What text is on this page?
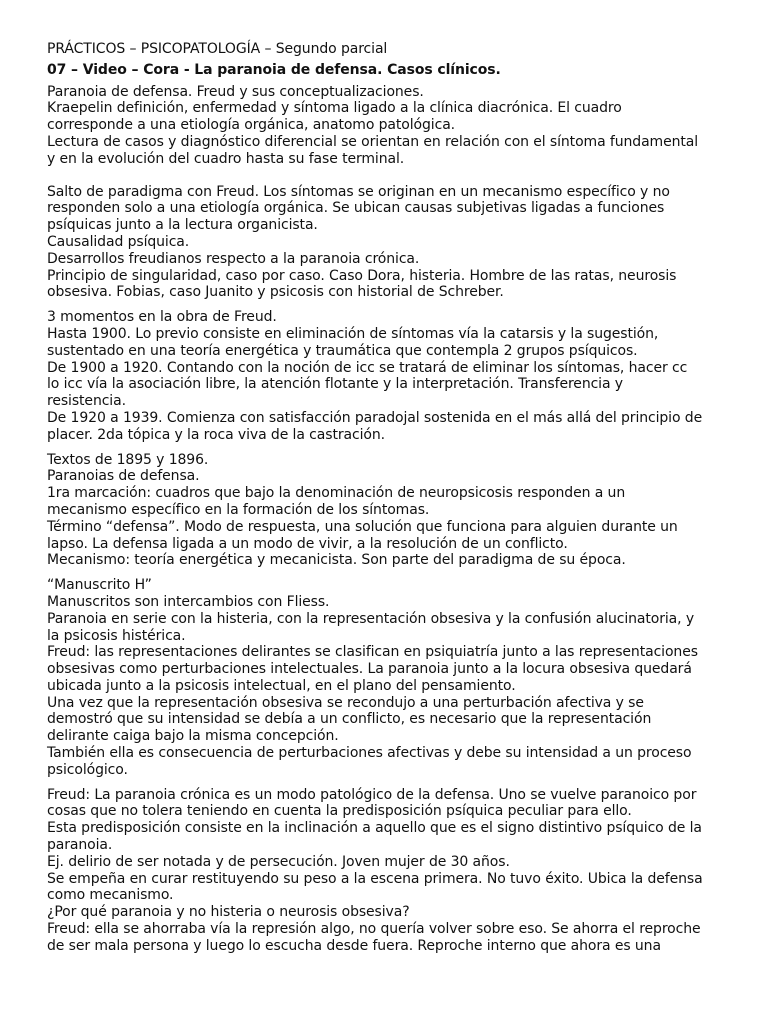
PRÁCTICOS – PSICOPATOLOGÍA – Segundo parcial
07 – Video – Cora - La paranoia de defensa. Casos clínicos.

Paranoia de defensa. Freud y sus conceptualizaciones.

Kraepelin definición, enfermedad y síntoma ligado a la clínica diacrónica. El cuadro

corresponde a una etiología orgánica, anatomo patológica.

Lectura de casos y diagnóstico diferencial se orientan en relación con el síntoma fundamental

y en la evolución del cuadro hasta su fase terminal.

Salto de paradigma con Freud. Los síntomas se originan en un mecanismo específico y no

responden solo a una etiología orgánica. Se ubican causas subjetivas ligadas a funciones

psíquicas junto a la lectura organicista.

Causalidad psíquica.

Desarrollos freudianos respecto a la paranoia crónica.

Principio de singularidad, caso por caso. Caso Dora, histeria. Hombre de las ratas, neurosis

obsesiva. Fobias, caso Juanito y psicosis con historial de Schreber.

3 momentos en la obra de Freud.

Hasta 1900. Lo previo consiste en eliminación de síntomas vía la catarsis y la sugestión,

sustentado en una teoría energética y traumática que contempla 2 grupos psíquicos.

De 1900 a 1920. Contando con la noción de icc se tratará de eliminar los síntomas, hacer cc

lo icc vía la asociación libre, la atención flotante y la interpretación. Transferencia y

resistencia.

De 1920 a 1939. Comienza con satisfacción paradojal sostenida en el más allá del principio de

placer. 2da tópica y la roca viva de la castración.

Textos de 1895 y 1896.

Paranoias de defensa.

1ra marcación: cuadros que bajo la denominación de neuropsicosis responden a un

mecanismo específico en la formación de los síntomas.

Término “defensa”. Modo de respuesta, una solución que funciona para alguien durante un

lapso. La defensa ligada a un modo de vivir, a la resolución de un conflicto.

Mecanismo: teoría energética y mecanicista. Son parte del paradigma de su época.

“Manuscrito H”

Manuscritos son intercambios con Fliess.

Paranoia en serie con la histeria, con la representación obsesiva y la confusión alucinatoria, y

la psicosis histérica.

Freud: las representaciones delirantes se clasifican en psiquiatría junto a las representaciones

obsesivas como perturbaciones intelectuales. La paranoia junto a la locura obsesiva quedará

ubicada junto a la psicosis intelectual, en el plano del pensamiento.

Una vez que la representación obsesiva se recondujo a una perturbación afectiva y se

demostró que su intensidad se debía a un conflicto, es necesario que la representación

delirante caiga bajo la misma concepción.

También ella es consecuencia de perturbaciones afectivas y debe su intensidad a un proceso

psicológico.

Freud: La paranoia crónica es un modo patológico de la defensa. Uno se vuelve paranoico por

cosas que no tolera teniendo en cuenta la predisposición psíquica peculiar para ello.

Esta predisposición consiste en la inclinación a aquello que es el signo distintivo psíquico de la

paranoia.

Ej. delirio de ser notada y de persecución. Joven mujer de 30 años.

Se empeña en curar restituyendo su peso a la escena primera. No tuvo éxito. Ubica la defensa

como mecanismo.

¿Por qué paranoia y no histeria o neurosis obsesiva?

Freud: ella se ahorraba vía la represión algo, no quería volver sobre eso. Se ahorra el reproche

de ser mala persona y luego lo escucha desde fuera. Reproche interno que ahora es una
